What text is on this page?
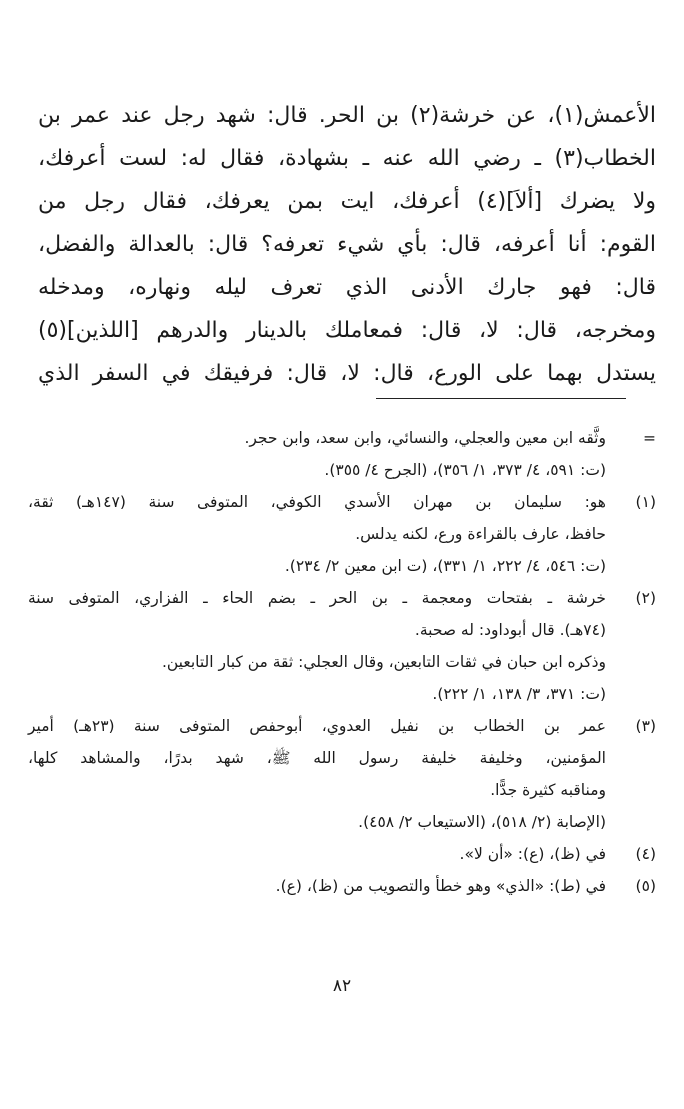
الأعمش(١)، عن خرشة(٢) بن الحر. قال: شهد رجل عند عمر بن
الخطاب(٣) ـ رضي الله عنه ـ بشهادة، فقال له: لست أعرفك،
ولا يضرك [ألاَ](٤) أعرفك، ايت بمن يعرفك، فقال رجل من
القوم: أنا أعرفه، قال: بأي شيء تعرفه؟ قال: بالعدالة والفضل،
قال: فهو جارك الأدنى الذي تعرف ليله ونهاره، ومدخله
ومخرجه، قال: لا، قال: فمعاملك بالدينار والدرهم [اللذين](٥)
يستدل بهما على الورع، قال: لا، قال: فرفيقك في السفر الذي
=
وثَّقه ابن معين والعجلي، والنسائي، وابن سعد، وابن حجر.
(ت: ٥٩١، ٤/ ٣٧٣، ١/ ٣٥٦)، (الجرح ٤/ ٣٥٥).
(١)
هو: سليمان بن مهران الأسدي الكوفي، المتوفى سنة (١٤٧هـ) ثقة،
حافظ، عارف بالقراءة ورع، لكنه يدلس.
(ت: ٥٤٦، ٤/ ٢٢٢، ١/ ٣٣١)، (ت ابن معين ٢/ ٢٣٤).
(٢)
خرشة ـ بفتحات ومعجمة ـ بن الحر ـ بضم الحاء ـ الفزاري، المتوفى سنة
(٧٤هـ). قال أبوداود: له صحبة.
وذكره ابن حبان في ثقات التابعين، وقال العجلي: ثقة من كبار التابعين.
(ت: ٣٧١، ٣/ ١٣٨، ١/ ٢٢٢).
(٣)
عمر بن الخطاب بن نفيل العدوي، أبوحفص المتوفى سنة (٢٣هـ) أمير
المؤمنين، وخليفة خليفة رسول الله ﷺ، شهد بدرًا، والمشاهد كلها،
ومناقبه كثيرة جدًّا.
(الإصابة (٢/ ٥١٨)، (الاستيعاب ٢/ ٤٥٨).
(٤)
في (ظ)، (ع): «أن لا».
(٥)
في (ط): «الذي» وهو خطأ والتصويب من (ظ)، (ع).
٨٢
